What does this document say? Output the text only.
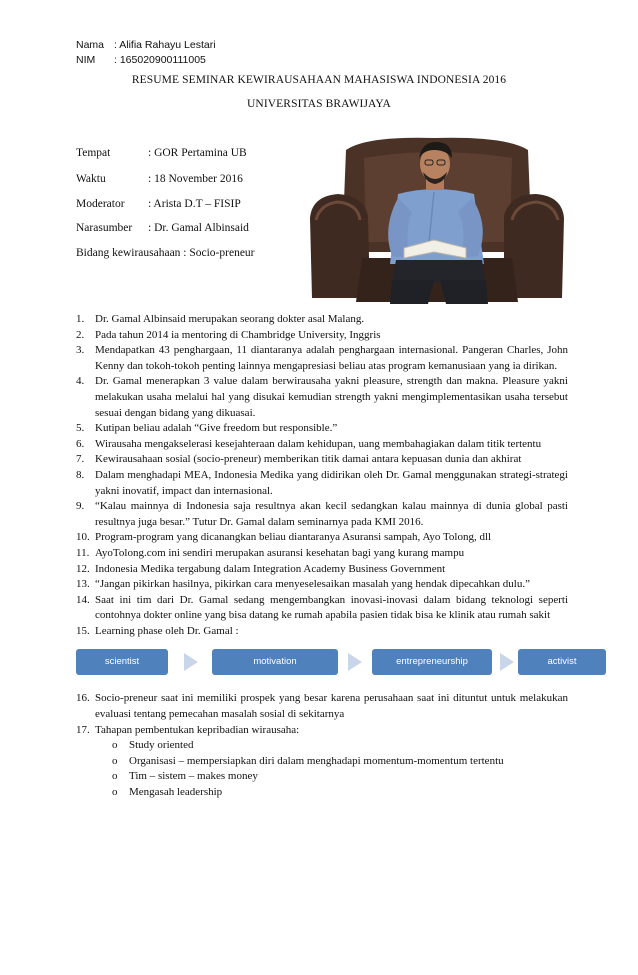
Nama : Alifia Rahayu Lestari
NIM : 165020900111005
RESUME SEMINAR KEWIRAUSAHAAN MAHASISWA INDONESIA 2016
UNIVERSITAS BRAWIJAYA
Tempat	: GOR Pertamina UB
Waktu	: 18 November 2016
Moderator : Arista D.T – FISIP
Narasumber : Dr. Gamal Albinsaid
Bidang kewirausahaan : Socio-preneur
1. Dr. Gamal Albinsaid merupakan seorang dokter asal Malang.
2. Pada tahun 2014 ia mentoring di Chambridge University, Inggris
3. Mendapatkan 43 penghargaan, 11 diantaranya adalah penghargaan internasional. Pangeran Charles, John Kenny dan tokoh-tokoh penting lainnya mengapresiasi beliau atas program kemanusiaan yang ia dirikan.
4. Dr. Gamal menerapkan 3 value dalam berwirausaha yakni pleasure, strength dan makna. Pleasure yakni melakukan usaha melalui hal yang disukai kemudian strength yakni mengimplementasikan usaha tersebut sesuai dengan bidang yang dikuasai.
5. Kutipan beliau adalah “Give freedom but responsible.”
6. Wirausaha mengakselerasi kesejahteraan dalam kehidupan, uang membahagiakan dalam titik tertentu
7. Kewirausahaan sosial (socio-preneur) memberikan titik damai antara kepuasan dunia dan akhirat
8. Dalam menghadapi MEA, Indonesia Medika yang didirikan oleh Dr. Gamal menggunakan strategi-strategi yakni inovatif, impact dan internasional.
9. “Kalau mainnya di Indonesia saja resultnya akan kecil sedangkan kalau mainnya di dunia global pasti resultnya juga besar.” Tutur Dr. Gamal dalam seminarnya pada KMI 2016.
10. Program-program yang dicanangkan beliau diantaranya Asuransi sampah, Ayo Tolong, dll
11. AyoTolong.com ini sendiri merupakan asuransi kesehatan bagi yang kurang mampu
12. Indonesia Medika tergabung dalam Integration Academy Business Government
13. “Jangan pikirkan hasilnya, pikirkan cara menyeselesaikan masalah yang hendak dipecahkan dulu.”
14. Saat ini tim dari Dr. Gamal sedang mengembangkan inovasi-inovasi dalam bidang teknologi seperti contohnya dokter online yang bisa datang ke rumah apabila pasien tidak bisa ke klinik atau rumah sakit
15. Learning phase oleh Dr. Gamal :
scientist	motivation	entrepreneurship	activist
16. Socio-preneur saat ini memiliki prospek yang besar karena perusahaan saat ini dituntut untuk melakukan evaluasi tentang pemecahan masalah sosial di sekitarnya
17. Tahapan pembentukan kepribadian wirausaha:
o Study oriented
o Organisasi – mempersiapkan diri dalam menghadapi momentum-momentum tertentu
o Tim – sistem – makes money
o Mengasah leadership
